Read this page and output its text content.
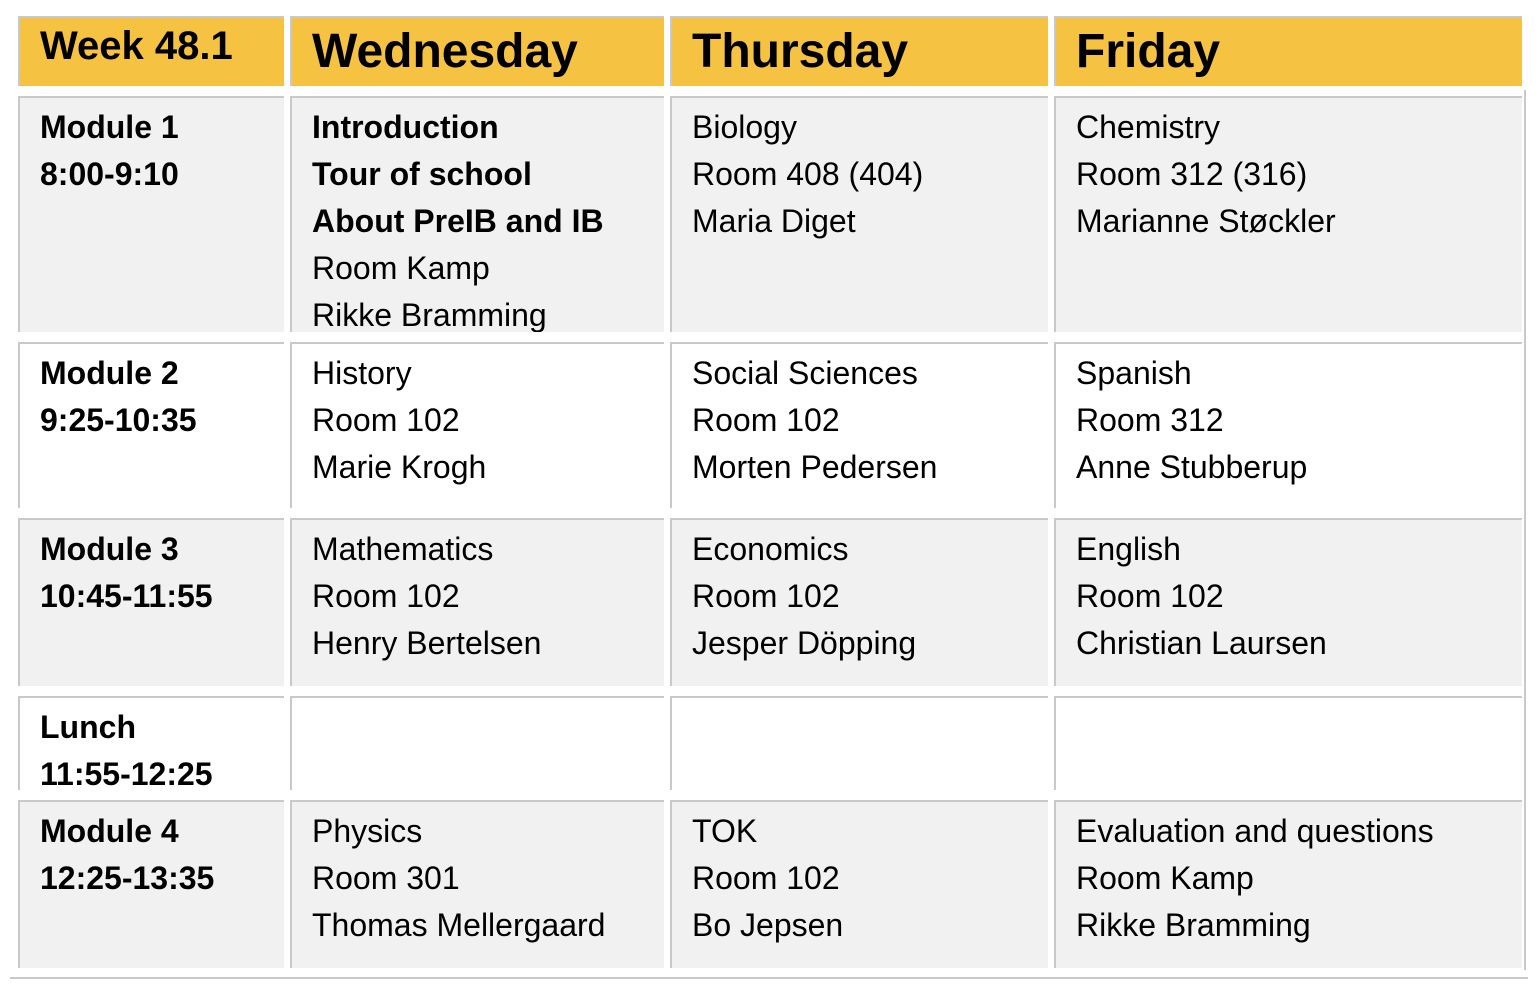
Week 48.1 Wednesday Thursday	Friday
Module 1
8:00-9:10
Introduction
Tour of school
About PreIB and IB
Room Kamp
Rikke Bramming
Biology
Room 408 (404)
Maria Diget
Chemistry
Room 312 (316)
Marianne Støckler
Module 2
9:25-10:35
History
Room 102
Marie Krogh
Social Sciences
Room 102
Morten Pedersen
Spanish
Room 312
Anne Stubberup
Module 3
10:45-11:55
Mathematics
Room 102
Henry Bertelsen
Economics
Room 102
Jesper Döpping
English
Room 102
Christian Laursen
Lunch
11:55-12:25
Module 4
12:25-13:35
Physics
Room 301
Thomas Mellergaard
TOK
Room 102
Bo Jepsen
Evaluation and questions
Room Kamp
Rikke Bramming
